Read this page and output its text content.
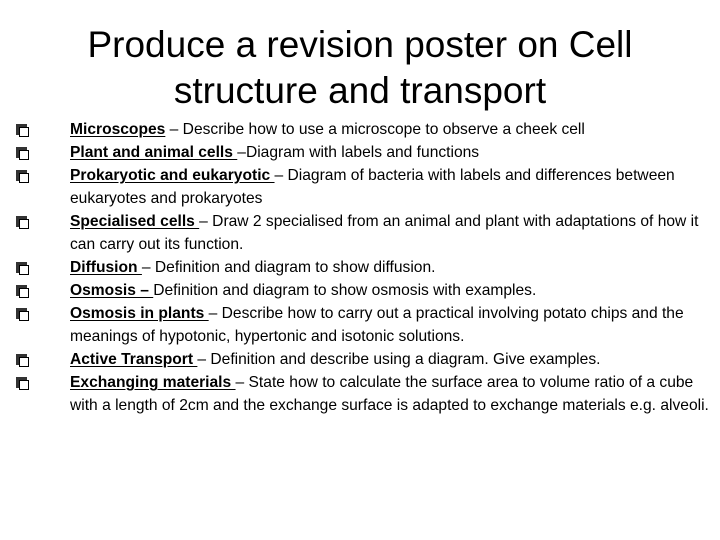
Produce a revision poster on Cell
structure and transport
Microscopes – Describe how to use a microscope to observe a cheek cell
Plant and animal cells –Diagram with labels and functions
Prokaryotic and eukaryotic – Diagram of bacteria with labels and differences between eukaryotes and prokaryotes
Specialised cells – Draw 2 specialised from an animal and plant with adaptations of how it can carry out its function.
Diffusion – Definition and diagram to show diffusion.
Osmosis – Definition and diagram to show osmosis with examples.
Osmosis in plants – Describe how to carry out a practical involving potato chips and the meanings of hypotonic, hypertonic and isotonic solutions.
Active Transport – Definition and describe using a diagram. Give examples.
Exchanging materials – State how to calculate the surface area to volume ratio of a cube with a length of 2cm and the exchange surface is adapted to exchange materials e.g. alveoli.
